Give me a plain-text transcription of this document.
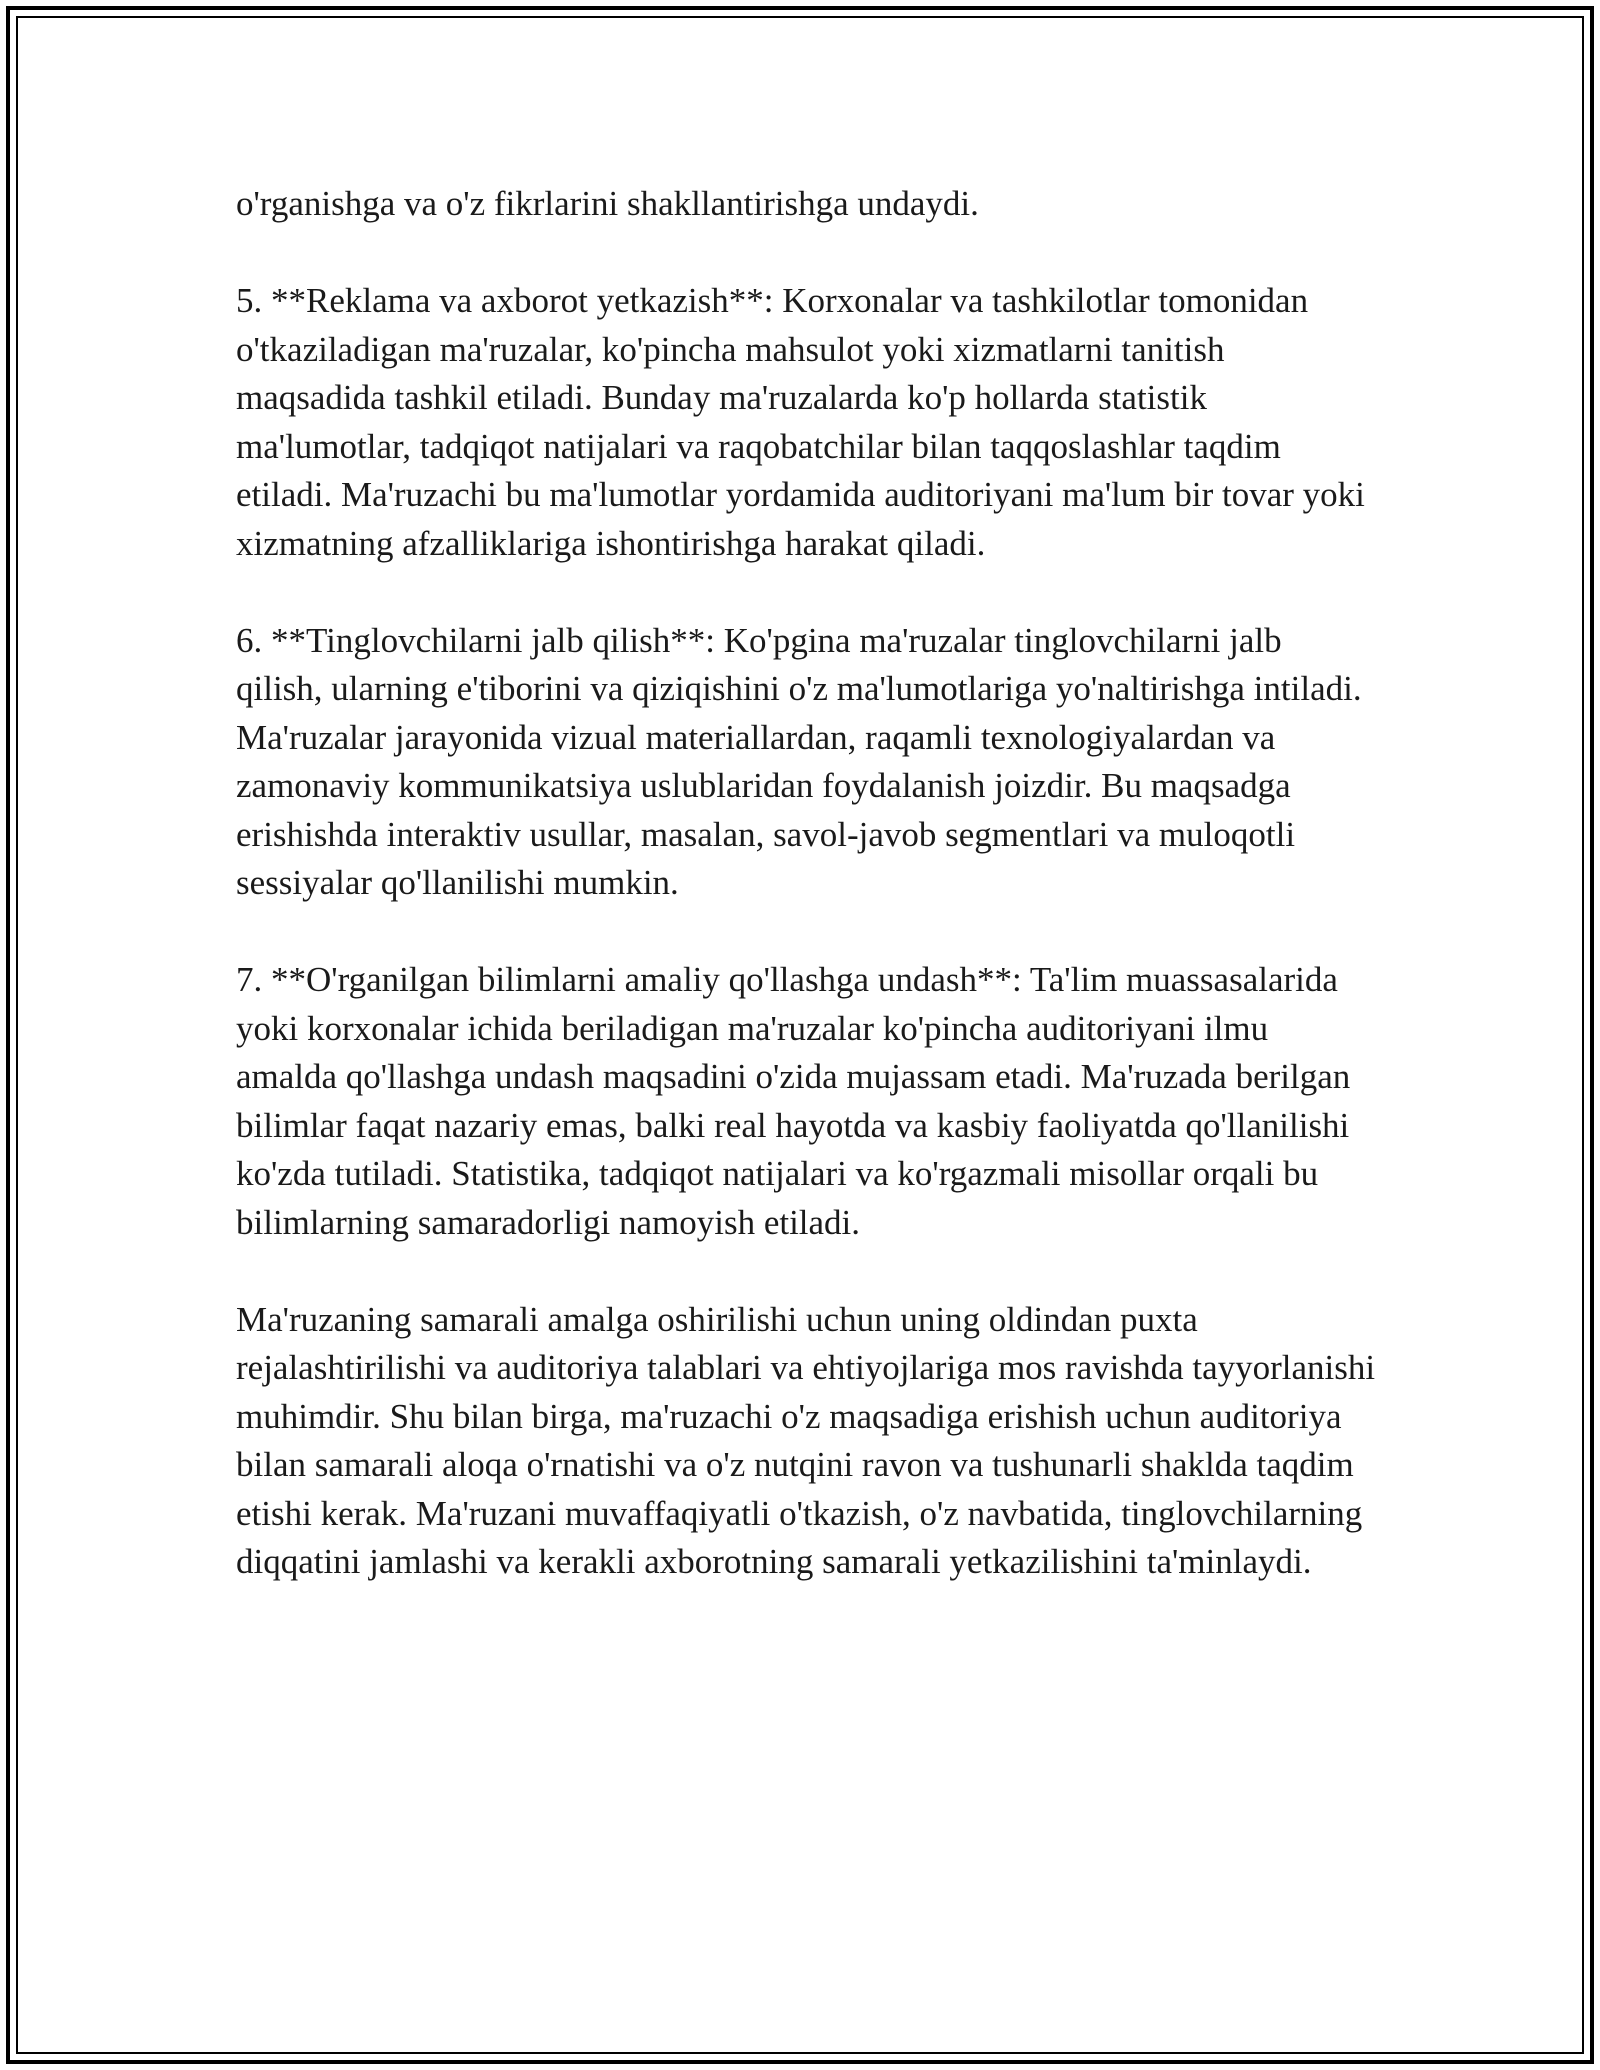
o'rganishga va o'z fikrlarini shakllantirishga undaydi.

5. **Reklama va axborot yetkazish**: Korxonalar va tashkilotlar tomonidan o'tkaziladigan ma'ruzalar, ko'pincha mahsulot yoki xizmatlarni tanitish maqsadida tashkil etiladi. Bunday ma'ruzalarda ko'p hollarda statistik ma'lumotlar, tadqiqot natijalari va raqobatchilar bilan taqqoslashlar taqdim etiladi. Ma'ruzachi bu ma'lumotlar yordamida auditoriyani ma'lum bir tovar yoki xizmatning afzalliklariga ishontirishga harakat qiladi.

6. **Tinglovchilarni jalb qilish**: Ko'pgina ma'ruzalar tinglovchilarni jalb qilish, ularning e'tiborini va qiziqishini o'z ma'lumotlariga yo'naltirishga intiladi. Ma'ruzalar jarayonida vizual materiallardan, raqamli texnologiyalardan va zamonaviy kommunikatsiya uslublaridan foydalanish joizdir. Bu maqsadga erishishda interaktiv usullar, masalan, savol-javob segmentlari va muloqotli sessiyalar qo'llanilishi mumkin.

7. **O'rganilgan bilimlarni amaliy qo'llashga undash**: Ta'lim muassasalarida yoki korxonalar ichida beriladigan ma'ruzalar ko'pincha auditoriyani ilmu amalda qo'llashga undash maqsadini o'zida mujassam etadi. Ma'ruzada berilgan bilimlar faqat nazariy emas, balki real hayotda va kasbiy faoliyatda qo'llanilishi ko'zda tutiladi. Statistika, tadqiqot natijalari va ko'rgazmali misollar orqali bu bilimlarning samaradorligi namoyish etiladi.

Ma'ruzaning samarali amalga oshirilishi uchun uning oldindan puxta rejalashtirilishi va auditoriya talablari va ehtiyojlariga mos ravishda tayyorlanishi muhimdir. Shu bilan birga, ma'ruzachi o'z maqsadiga erishish uchun auditoriya bilan samarali aloqa o'rnatishi va o'z nutqini ravon va tushunarli shaklda taqdim etishi kerak. Ma'ruzani muvaffaqiyatli o'tkazish, o'z navbatida, tinglovchilarning diqqatini jamlashi va kerakli axborotning samarali yetkazilishini ta'minlaydi.
